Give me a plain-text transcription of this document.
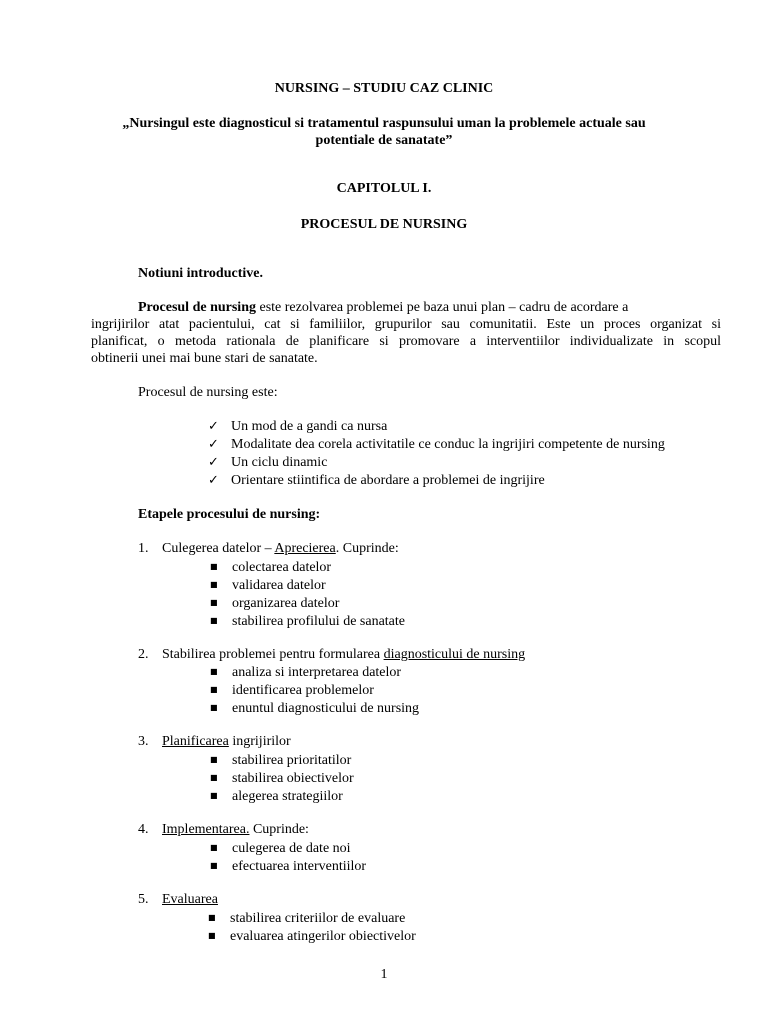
NURSING – STUDIU CAZ CLINIC
„Nursingul este diagnosticul si tratamentul raspunsului uman la problemele actuale sau
potentiale de sanatate”
CAPITOLUL I.
PROCESUL DE NURSING
Notiuni introductive.
Procesul de nursing este rezolvarea problemei pe baza unui plan – cadru de acordare a
ingrijirilor atat pacientului, cat si familiilor, grupurilor sau comunitatii. Este un proces organizat si
planificat, o metoda rationala de planificare si promovare a interventiilor individualizate in scopul
obtinerii unei mai bune stari de sanatate.
Procesul de nursing este:
✓ Un mod de a gandi ca nursa
✓ Modalitate dea corela activitatile ce conduc la ingrijiri competente de nursing
✓ Un ciclu dinamic
✓ Orientare stiintifica de abordare a problemei de ingrijire
Etapele procesului de nursing:
1. Culegerea datelor – Aprecierea. Cuprinde:
■ colectarea datelor
■ validarea datelor
■ organizarea datelor
■ stabilirea profilului de sanatate
2. Stabilirea problemei pentru formularea diagnosticului de nursing
■ analiza si interpretarea datelor
■ identificarea problemelor
■ enuntul diagnosticului de nursing
3. Planificarea ingrijirilor
■ stabilirea prioritatilor
■ stabilirea obiectivelor
■ alegerea strategiilor
4. Implementarea. Cuprinde:
■ culegerea de date noi
■ efectuarea interventiilor
5. Evaluarea
■ stabilirea criteriilor de evaluare
■ evaluarea atingerilor obiectivelor
1
